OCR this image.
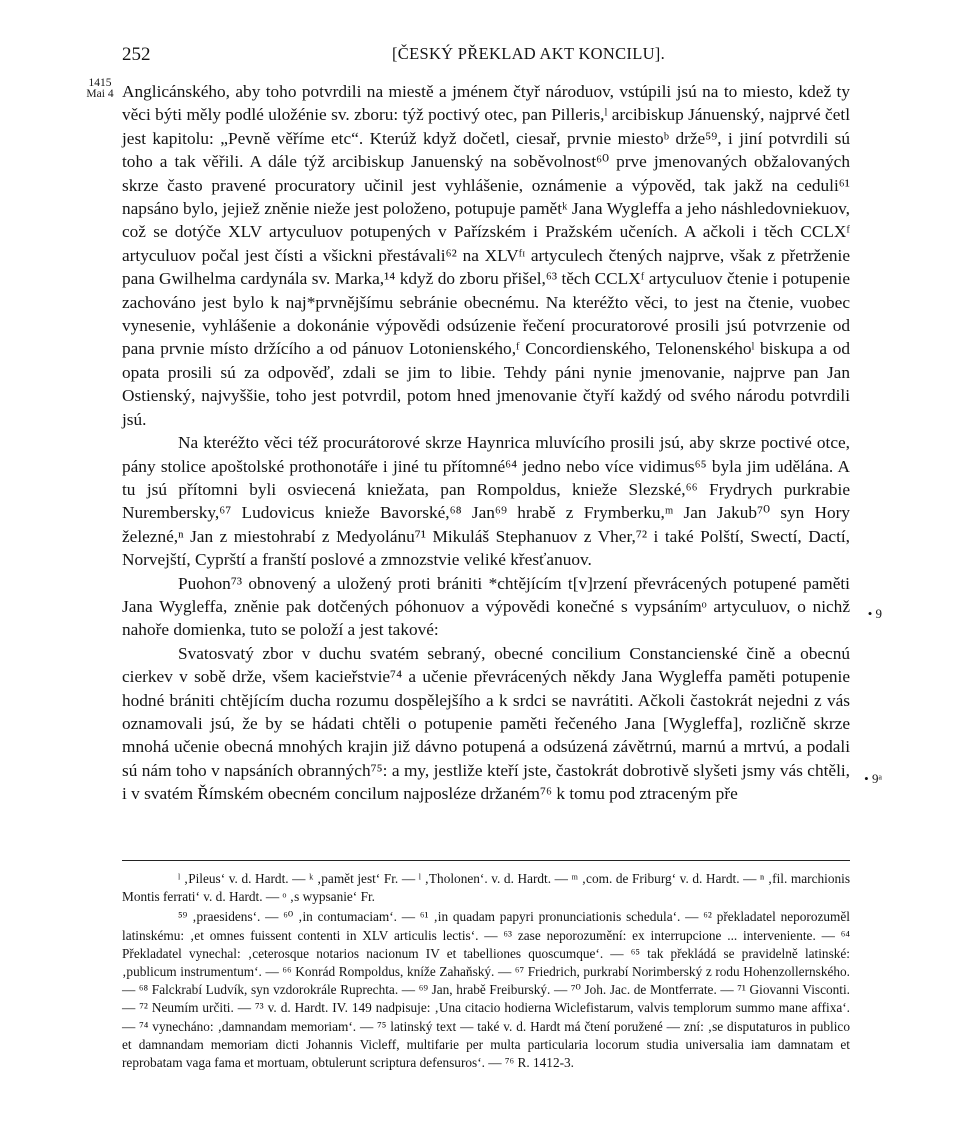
252	[ČESKÝ PŘEKLAD AKT KONCILU].
1415
Mai 4 Anglicánského, aby toho potvrdili na miestě a jménem čtyř národuov, vstúpili jsú na to miesto, kdež ty věci býti měly podlé uložénie sv. zboru: týž poctivý otec, pan Pilleris,ˡ arcibiskup Jánuenský, najprvé četl jest kapitolu: „Pevně věříme etc“. Kterúž když dočetl, ciesař, prvnie miestoᵇ drže⁵⁹, i jiní potvrdili sú toho a tak věřili. A dále týž arcibiskup Januenský na soběvolnost⁶⁰ prve jmenovaných obžalovaných skrze často pravené procuratory učinil jest vyhlášenie, oznámenie a výpověd, tak jakž na ceduli⁶¹ napsáno bylo, jejiež zněnie nieže jest položeno, potupuje pamětᵏ Jana Wygleffa a jeho náshledovniekuov, což se dotýče XLV artyculuov potupených v Pařízském i Pražském učeních. A ačkoli i těch CCLXᶠ artyculuov počal jest čísti a všickni přestávali⁶² na XLVᶠᶦ artyculech čtených najprve, však z přetrženie pana Gwilhelma cardynála sv. Marka,¹⁴ když do zboru přišel,⁶³ těch CCLXᶠ artyculuov čtenie i potupenie zachováno jest bylo k naj*prvnějšímu sebránie obecnému. Na kteréžto věci, to jest na čtenie, vuobec vynesenie, vyhlášenie a dokonánie výpovědi odsúzenie řečení procuratorové prosili jsú potvrzenie od pana prvnie místo držícího a od pánuov Lotonienského,ᶠ Concordienského, Telonenskéhoˡ biskupa a od opata prosili sú za odpověď, zdali se jim to libie. Tehdy páni nynie jmenovanie, najprve pan Jan Ostienský, najvyššie, toho jest potvrdil, potom hned jmenovanie čtyří každý od svého národu potvrdili jsú.

Na kteréžto věci též procurátorové skrze Haynrica mluvícího prosili jsú, aby skrze poctivé otce, pány stolice apoštolské prothonotáře i jiné tu přítomné⁶⁴ jedno nebo více vidimus⁶⁵ byla jim udělána. A tu jsú přítomni byli osviecená kniežata, pan Rompoldus, knieže Slezské,⁶⁶ Frydrych purkrabie Nurembersky,⁶⁷ Ludovicus knieže Bavorské,⁶⁸ Jan⁶⁹ hrabě z Frymberku,ᵐ Jan Jakub⁷⁰ syn Hory železné,ⁿ Jan z miestohrabí z Medyolánu⁷¹ Mikuláš Stephanuov z Vher,⁷² i také Polští, Swectí, Dactí, Norvejští, Cyprští a franští poslové a zmnozstvie veliké křesťanuov.

Puohon⁷³ obnovený a uložený proti brániti *chtějícím t[v]rzení převrácených potupené paměti Jana Wygleffa, zněnie pak dotčených póhonuov a výpovědi konečné s vypsánímᵒ artyculuov, o nichž nahoře domienka, tuto se položí a jest takové:

Svatosvatý zbor v duchu svatém sebraný, obecné concilium Constancienské čině a obecnú cierkev v sobě drže, všem kacieřstvie⁷⁴ a učenie převrácených někdy Jana Wygleffa paměti potupenie hodné brániti chtějícím ducha rozumu dospělejšího a k srdci se navrátiti. Ačkoli častokrát nejedni z vás oznamovali jsú, že by se hádati chtěli o potupenie paměti řečeného Jana [Wygleffa], rozličně skrze mnohá učenie obecná mnohých krajin již dávno potupená a odsúzená závětrnú, marnú a mrtvú, a podali sú nám toho v napsáních obranných⁷⁵: a my, jestliže kteří jste, častokrát dobrotivě slyšeti jsmy vás chtěli, i v svatém Římském obecném concilum najposléze držaném⁷⁶ k tomu pod ztraceným pře

• 9
• 9ᵃ

ˡ ‚Pileus‘ v. d. Hardt. — ᵏ ‚pamět jest‘ Fr. — ˡ ‚Tholonen‘. v. d. Hardt. — ᵐ ‚com. de Friburg‘ v. d. Hardt. — ⁿ ‚fil. marchionis Montis ferrati‘ v. d. Hardt. — ᵒ ‚s wypsanie‘ Fr.

⁵⁹ ‚praesidens‘. — ⁶⁰ ‚in contumaciam‘. — ⁶¹ ‚in quadam papyri pronunciationis schedula‘. — ⁶² překladatel neporozuměl latinskému: ‚et omnes fuissent contenti in XLV articulis lectis‘. — ⁶³ zase neporozumění: ex interrupcione ... interveniente. — ⁶⁴ Překladatel vynechal: ‚ceterosque notarios nacionum IV et tabelliones quoscumque‘. — ⁶⁵ tak překládá se pravidelně latinské: ‚publicum instrumentum‘. — ⁶⁶ Konrád Rompoldus, kníže Zahaňský. — ⁶⁷ Friedrich, purkrabí Norimberský z rodu Hohenzollernského. — ⁶⁸ Falckrabí Ludvík, syn vzdorokrále Ruprechta. — ⁶⁹ Jan, hrabě Freiburský. — ⁷⁰ Joh. Jac. de Montferrate. — ⁷¹ Giovanni Visconti. — ⁷² Neumím určiti. — ⁷³ v. d. Hardt. IV. 149 nadpisuje: ‚Una citacio hodierna Wiclefistarum, valvis templorum summo mane affixa‘. — ⁷⁴ vynecháno: ‚damnandam memoriam‘. — ⁷⁵ latinský text — také v. d. Hardt má čtení poružené — zní: ‚se disputaturos in publico et damnandam memoriam dicti Johannis Vicleff, multifarie per multa particularia locorum studia universalia iam damnatam et reprobatam vaga fama et mortuam, obtulerunt scriptura defensuros‘. — ⁷⁶ R. 1412-3.
